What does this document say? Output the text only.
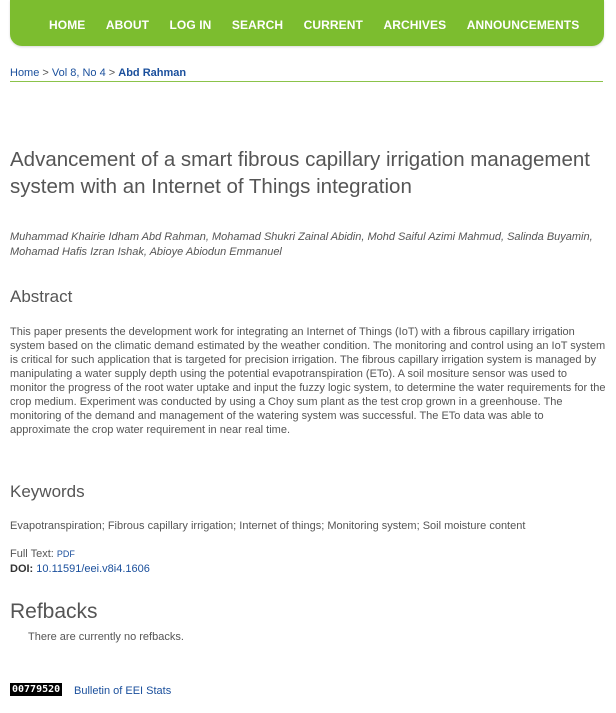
HOME ABOUT LOG IN SEARCH CURRENT ARCHIVES ANNOUNCEMENTS
Home > Vol 8, No 4 > Abd Rahman
Advancement of a smart fibrous capillary irrigation management system with an Internet of Things integration
Muhammad Khairie Idham Abd Rahman, Mohamad Shukri Zainal Abidin, Mohd Saiful Azimi Mahmud, Salinda Buyamin, Mohamad Hafis Izran Ishak, Abioye Abiodun Emmanuel
Abstract
This paper presents the development work for integrating an Internet of Things (IoT) with a fibrous capillary irrigation system based on the climatic demand estimated by the weather condition. The monitoring and control using an IoT system is critical for such application that is targeted for precision irrigation. The fibrous capillary irrigation system is managed by manipulating a water supply depth using the potential evapotranspiration (ETo). A soil mositure sensor was used to monitor the progress of the root water uptake and input the fuzzy logic system, to determine the water requirements for the crop medium. Experiment was conducted by using a Choy sum plant as the test crop grown in a greenhouse. The monitoring of the demand and management of the watering system was successful. The ETo data was able to approximate the crop water requirement in near real time.
Keywords
Evapotranspiration; Fibrous capillary irrigation; Internet of things; Monitoring system; Soil moisture content
Full Text: PDF
DOI: 10.11591/eei.v8i4.1606
Refbacks
There are currently no refbacks.
00779520 Bulletin of EEI Stats
